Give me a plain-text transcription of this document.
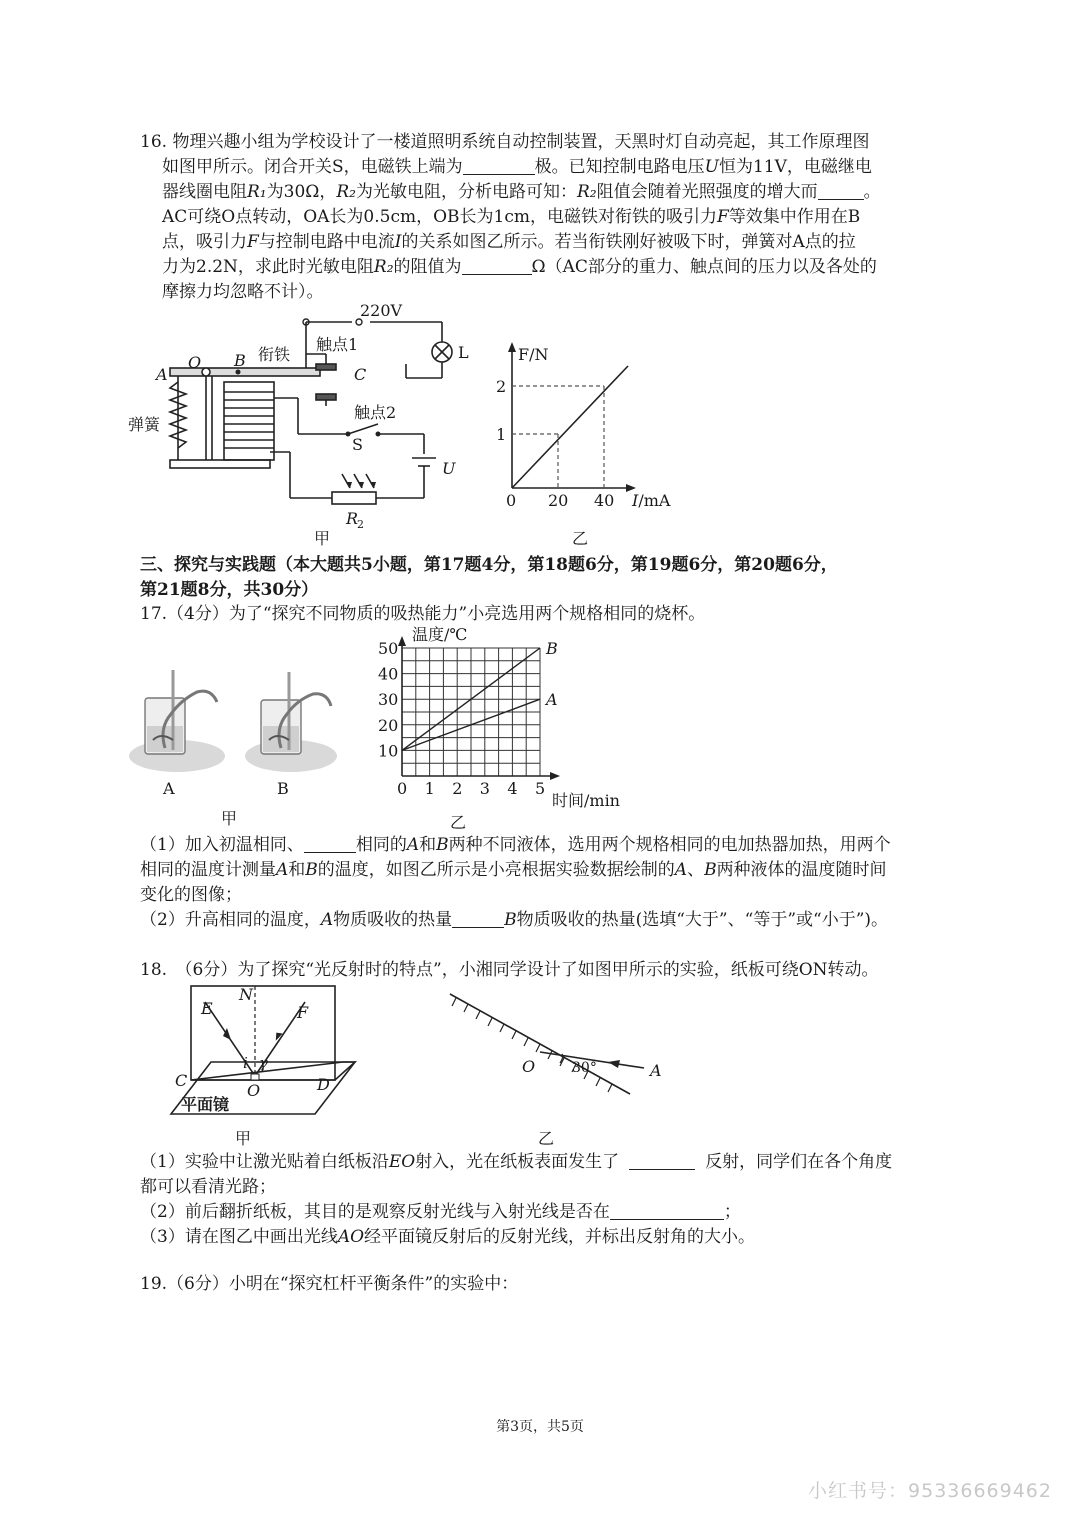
16. 物理兴趣小组为学校设计了一楼道照明系统自动控制装置，天黑时灯自动亮起，其工作原理图
如图甲所示。闭合开关S，电磁铁上端为	极。已知控制电路电压U恒为11V，电磁继电
器线圈电阻R₁为30Ω，R₂为光敏电阻，分析电路可知：R₂阻值会随着光照强度的增大而	。
AC可绕O点转动，OA长为0.5cm，OB长为1cm，电磁铁对衔铁的吸引力F等效集中作用在B
点，吸引力F与控制电路中电流I的关系如图乙所示。若当衔铁刚好被吸下时，弹簧对A点的拉
力为2.2N，求此时光敏电阻R₂的阻值为	Ω（AC部分的重力、触点间的压力以及各处的
摩擦力均忽略不计）。
220V
L
O B
A	C
衔铁
触点1
触点2
弹簧
S
U
R
2
甲
F/N
2
1
0 20 40 I/mA
乙
三、探究与实践题（本大题共5小题，第17题4分，第18题6分，第19题6分，第20题6分，
第21题8分，共30分）
17.（4分）为了“探究不同物质的吸热能力”小亮选用两个规格相同的烧杯。
A	B
甲
0 1 2 3 4 5
10
20
30
40
50	B
A
温度/℃
时间/min
乙
（1）加入初温相同、	相同的A和B两种不同液体，选用两个规格相同的电加热器加热，用两个
相同的温度计测量A和B的温度，如图乙所示是小亮根据实验数据绘制的A、B两种液体的温度随时间
变化的图像；
（2）升高相同的温度，A物质吸收的热量	B物质吸收的热量(选填“大于”、“等于”或“小于”)。
18.　（6分）为了探究“光反射时的特点”，小湘同学设计了如图甲所示的实验，纸板可绕ON转动。
E
N
F
i γ
C
O	D
平面镜
甲
O	30°	A
乙
（1）实验中让激光贴着白纸板沿EO射入，光在纸板表面发生了	反射，同学们在各个角度
都可以看清光路；
（2）前后翻折纸板，其目的是观察反射光线与入射光线是否在	；
（3）请在图乙中画出光线AO经平面镜反射后的反射光线，并标出反射角的大小。
19.（6分）小明在“探究杠杆平衡条件”的实验中：
第3页，共5页
小红书号：95336669462
